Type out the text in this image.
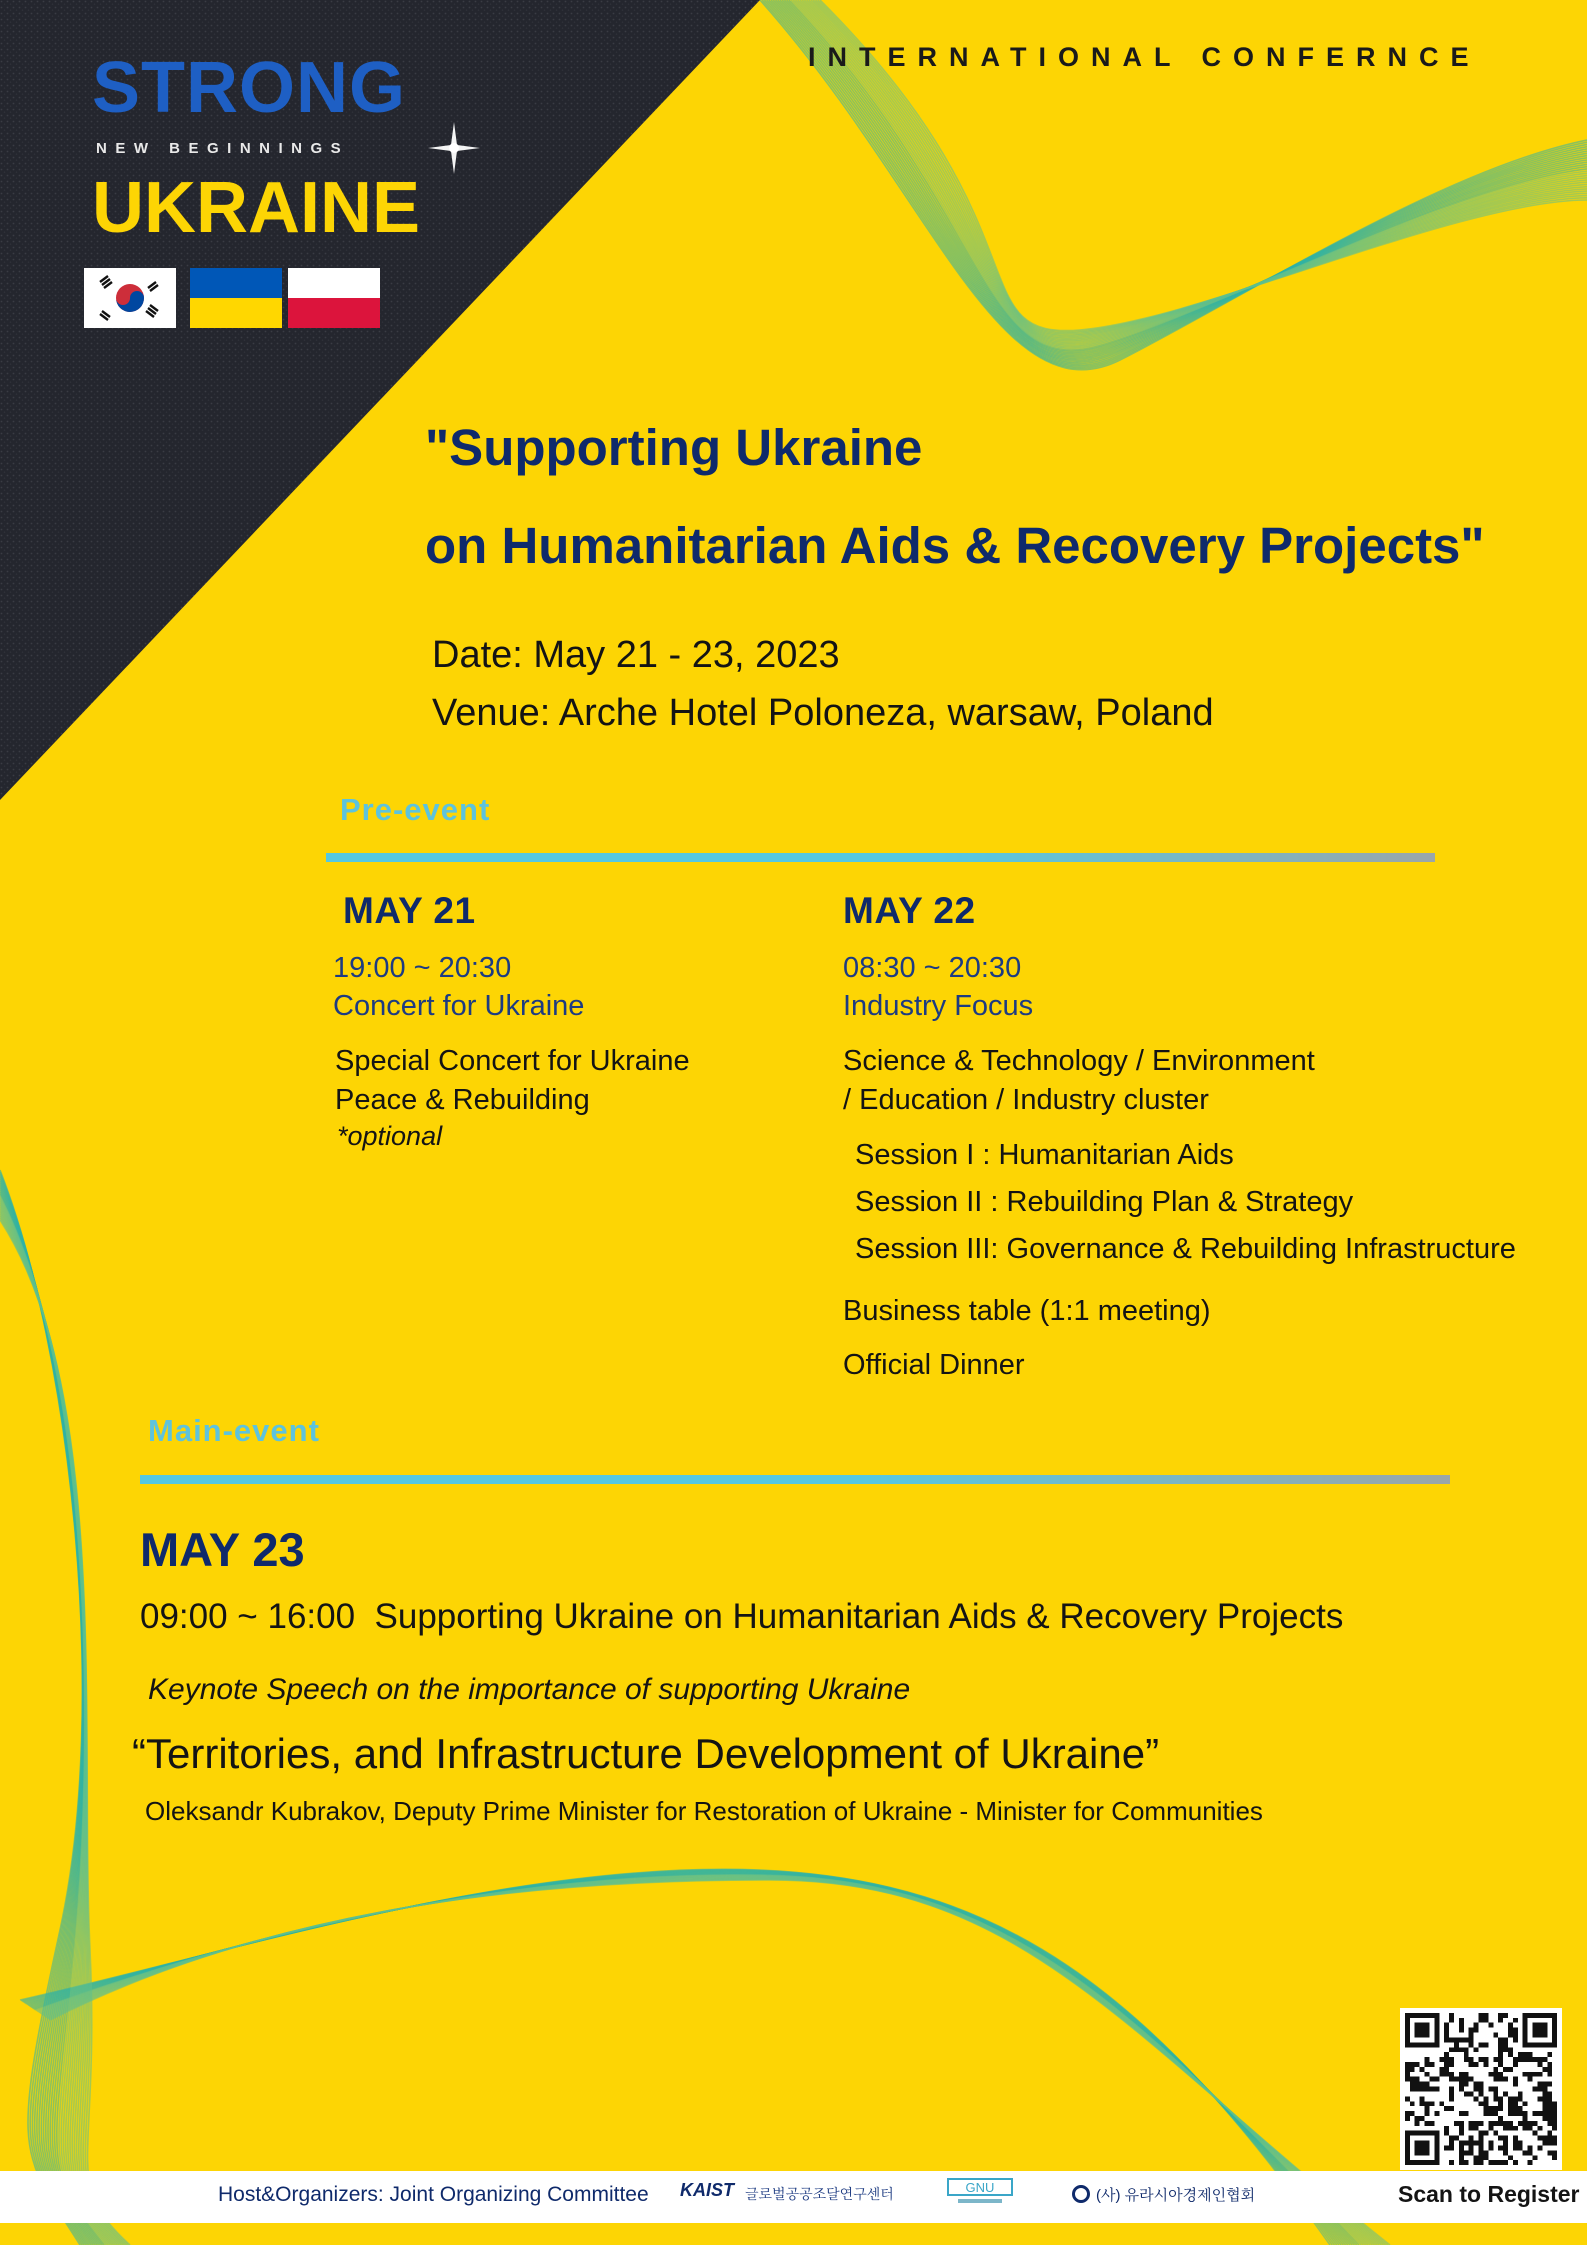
INTERNATIONAL CONFERNCE
STRONG
NEW BEGINNINGS
UKRAINE
"Supporting Ukraine
on Humanitarian Aids & Recovery Projects"
Date: May 21 - 23, 2023
Venue: Arche Hotel Poloneza, warsaw, Poland
Pre-event
MAY 21
19:00 ~ 20:30
Concert for Ukraine
Special Concert for Ukraine
Peace & Rebuilding
*optional
MAY 22
08:30 ~ 20:30
Industry Focus
Science & Technology / Environment
/ Education / Industry cluster
Session I : Humanitarian Aids
Session II : Rebuilding Plan & Strategy
Session III: Governance & Rebuilding Infrastructure
Business table (1:1 meeting)
Official Dinner
Main-event
MAY 23
09:00 ~ 16:00 Supporting Ukraine on Humanitarian Aids & Recovery Projects
Keynote Speech on the importance of supporting Ukraine
“Territories, and Infrastructure Development of Ukraine”
Oleksandr Kubrakov, Deputy Prime Minister for Restoration of Ukraine - Minister for Communities
Host&Organizers: Joint Organizing Committee KAIST 글로벌공공조달연구센터	GNU	(사) 유라시아경제인협회	Scan to Register
